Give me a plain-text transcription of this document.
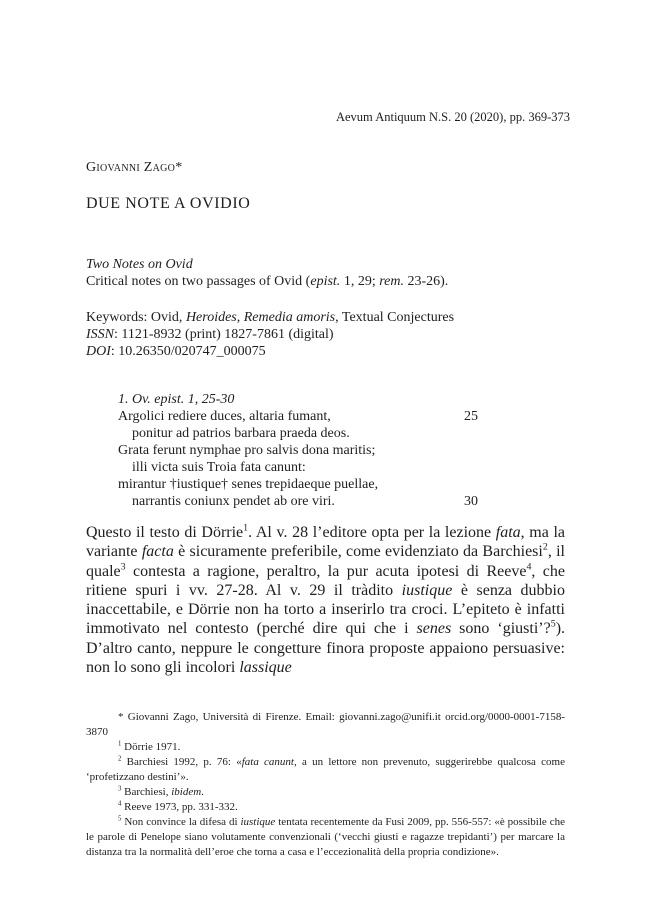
Aevum Antiquum N.S. 20 (2020), pp. 369-373
Giovanni Zago*
DUE NOTE A OVIDIO
Two Notes on Ovid
Critical notes on two passages of Ovid (epist. 1, 29; rem. 23-26).
Keywords: Ovid, Heroides, Remedia amoris, Textual Conjectures
ISSN: 1121-8932 (print) 1827-7861 (digital)
DOI: 10.26350/020747_000075
1. Ov. epist. 1, 25-30
Argolici rediere duces, altaria fumant,	25
ponitur ad patrios barbara praeda deos.
Grata ferunt nymphae pro salvis dona maritis;
illi victa suis Troia fata canunt:
mirantur †iustique† senes trepidaeque puellae,
narrantis coniunx pendet ab ore viri.	30
Questo il testo di Dörrie$^1$. Al v. 28 l’editore opta per la lezione fata, ma la variante facta è sicuramente preferibile, come evidenziato da Barchiesi$^2$, il quale$^3$ contesta a ragione, peraltro, la pur acuta ipotesi di Reeve$^4$, che ritiene spuri i vv. 27-28. Al v. 29 il tràdito iustique è senza dubbio inaccettabile, e Dörrie non ha torto a inserirlo tra croci. L’epiteto è infatti immotivato nel contesto (perché dire qui che i senes sono ‘giusti’?$^5$). D’altro canto, neppure le congetture finora proposte appaiono persuasive: non lo sono gli incolori lassique

* Giovanni Zago, Università di Firenze. Email: giovanni.zago@unifi.it orcid.org/0000-0001-7158-3870

$^1$ Dörrie 1971.

$^2$ Barchiesi 1992, p. 76: «fata canunt, a un lettore non prevenuto, suggerirebbe qualcosa come ‘profetizzano destini’».

$^3$ Barchiesi, ibidem.

$^4$ Reeve 1973, pp. 331-332.

$^5$ Non convince la difesa di iustique tentata recentemente da Fusi 2009, pp. 556-557: «è possibile che le parole di Penelope siano volutamente convenzionali (‘vecchi giusti e ragazze trepidanti’) per marcare la distanza tra la normalità dell’eroe che torna a casa e l’eccezionalità della propria condizione».
